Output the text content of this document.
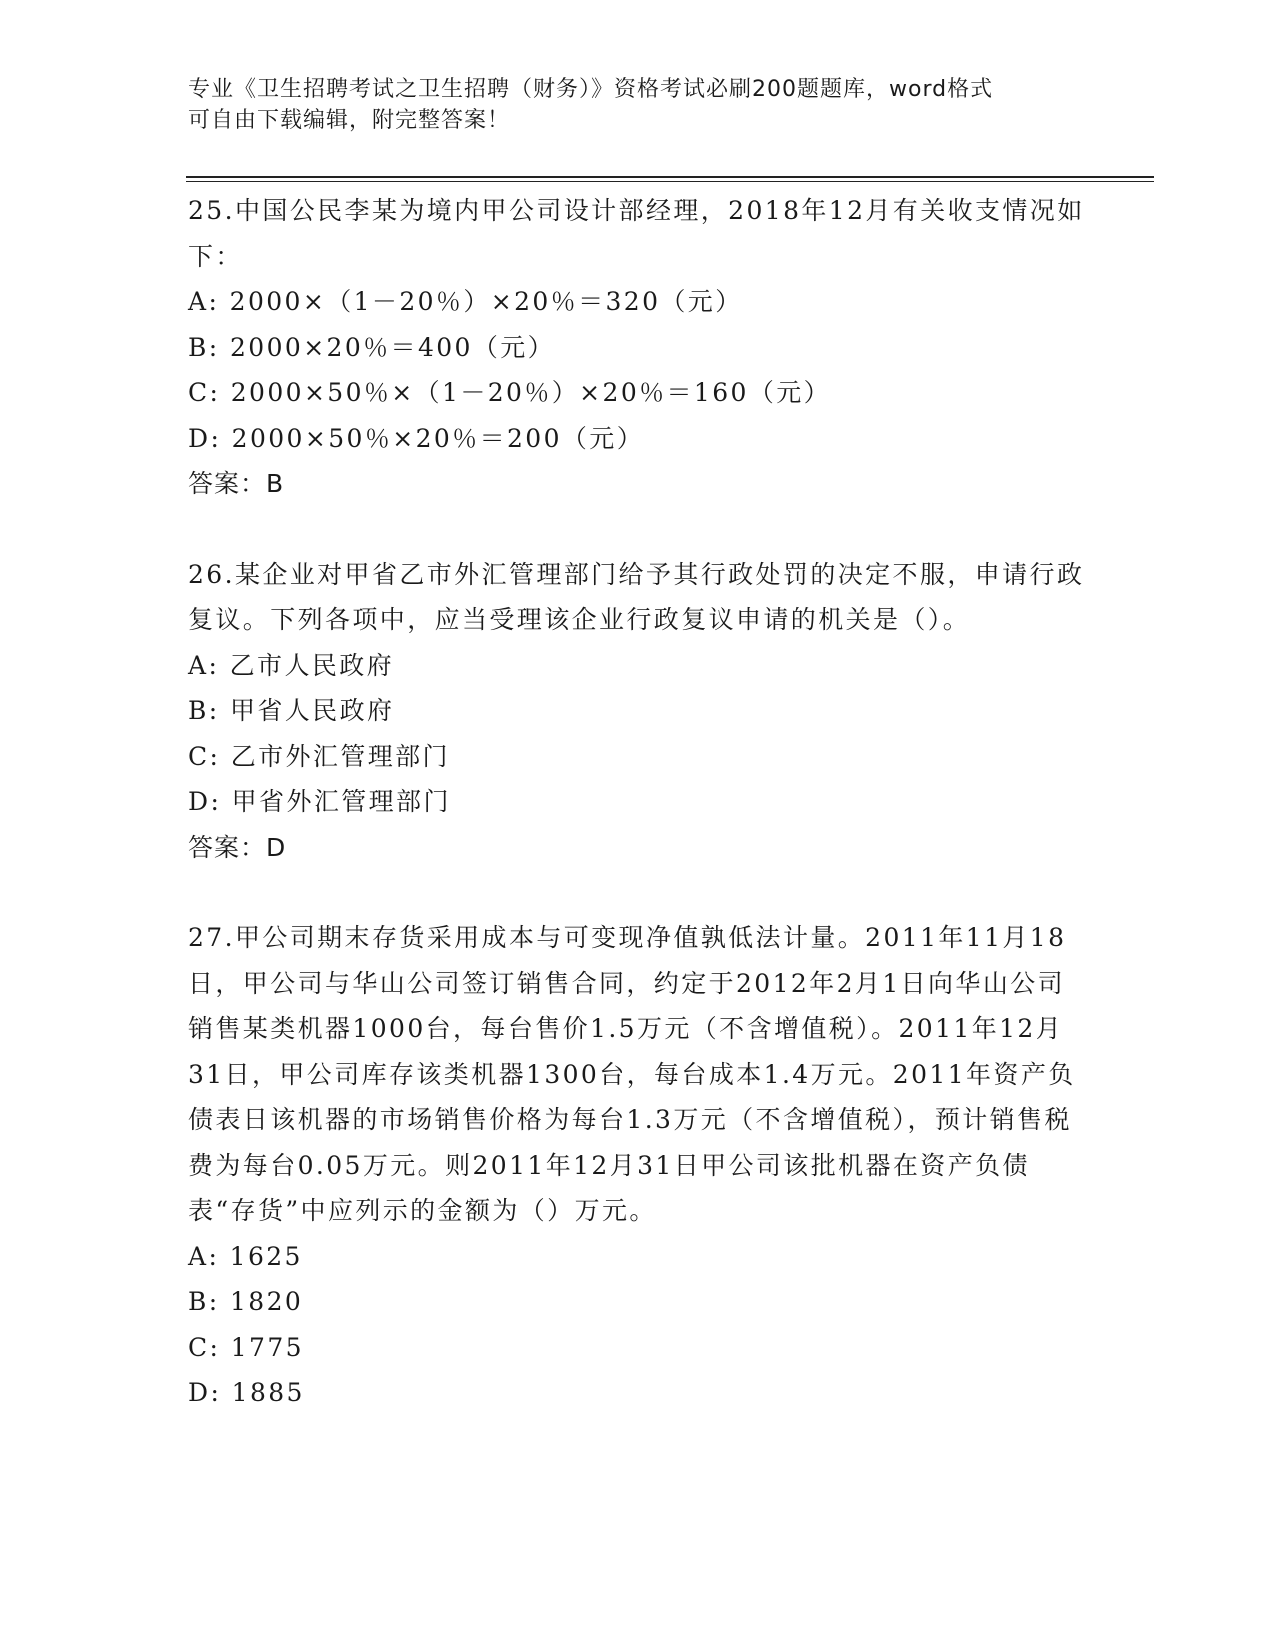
专业《卫生招聘考试之卫生招聘（财务）》资格考试必刷200题题库，word格式
可自由下载编辑，附完整答案！

25.中国公民李某为境内甲公司设计部经理，2018年12月有关收支情况如下：

A: 2000×（1－20％）×20％＝320（元）

B: 2000×20％＝400（元）

C: 2000×50％×（1－20％）×20％＝160（元）

D: 2000×50％×20％＝200（元）

答案：B

26.某企业对甲省乙市外汇管理部门给予其行政处罚的决定不服，申请行政复议。下列各项中，应当受理该企业行政复议申请的机关是（）。

A: 乙市人民政府

B: 甲省人民政府

C: 乙市外汇管理部门

D: 甲省外汇管理部门

答案：D

27.甲公司期末存货采用成本与可变现净值孰低法计量。2011年11月18日，甲公司与华山公司签订销售合同，约定于2012年2月1日向华山公司销售某类机器1000台，每台售价1.5万元（不含增值税）。2011年12月31日，甲公司库存该类机器1300台，每台成本1.4万元。2011年资产负债表日该机器的市场销售价格为每台1.3万元（不含增值税），预计销售税费为每台0.05万元。则2011年12月31日甲公司该批机器在资产负债表“存货”中应列示的金额为（）万元。

A: 1625

B: 1820

C: 1775

D: 1885
